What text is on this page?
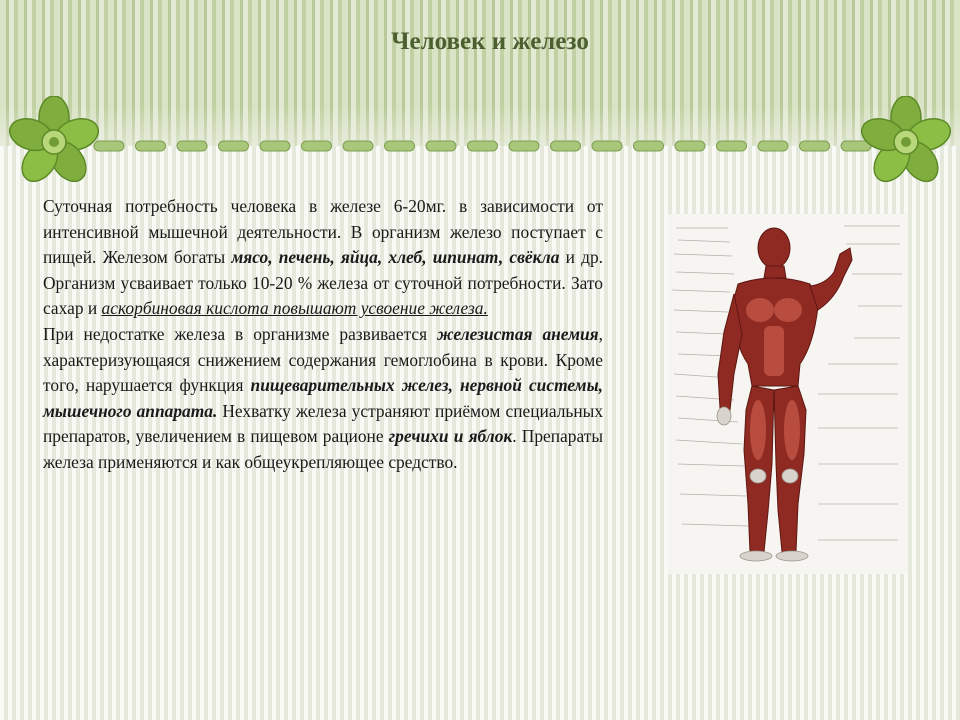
Человек и железо

Суточная потребность человека в железе 6-20мг. в зависимости от интенсивной мышечной деятельности. В организм железо поступает с пищей. Железом богаты мясо, печень, яйца, хлеб, шпинат, свёкла и др. Организм усваивает только 10-20 % железа от суточной потребности. Зато сахар и аскорбиновая кислота повышают усвоение железа.

При недостатке железа в организме развивается железистая анемия, характеризующаяся снижением содержания гемоглобина в крови. Кроме того, нарушается функция пищеварительных желез, нервной системы, мышечного аппарата. Нехватку железа устраняют приёмом специальных препаратов, увеличением в пищевом рационе гречихи и яблок. Препараты железа применяются и как общеукрепляющее средство.
